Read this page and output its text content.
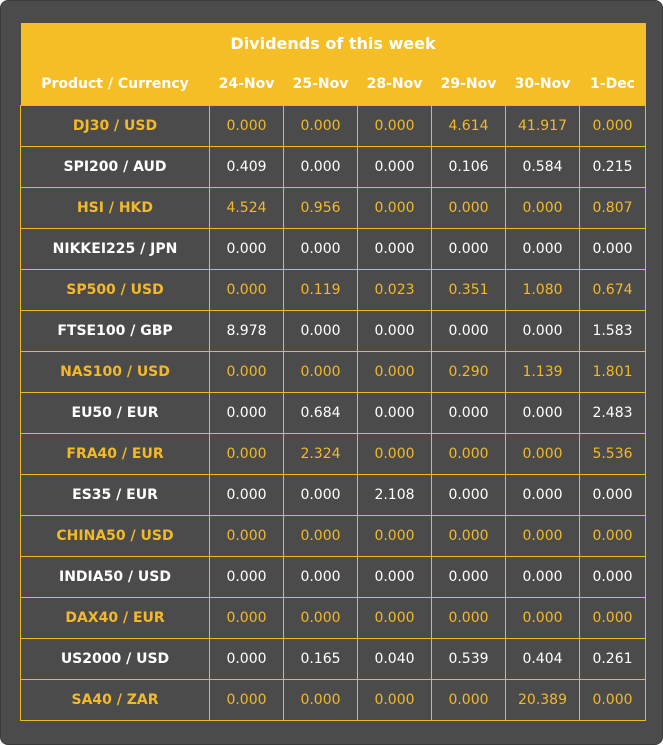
Dividends of this week						
Product / Currency	24-Nov	25-Nov	28-Nov	29-Nov	30-Nov	1-Dec
DJ30 / USD	0.000	0.000	0.000	4.614	41.917	0.000
SPI200 / AUD	0.409	0.000	0.000	0.106	0.584	0.215
HSI / HKD	4.524	0.956	0.000	0.000	0.000	0.807
NIKKEI225 / JPN	0.000	0.000	0.000	0.000	0.000	0.000
SP500 / USD	0.000	0.119	0.023	0.351	1.080	0.674
FTSE100 / GBP	8.978	0.000	0.000	0.000	0.000	1.583
NAS100 / USD	0.000	0.000	0.000	0.290	1.139	1.801
EU50 / EUR	0.000	0.684	0.000	0.000	0.000	2.483
FRA40 / EUR	0.000	2.324	0.000	0.000	0.000	5.536
ES35 / EUR	0.000	0.000	2.108	0.000	0.000	0.000
CHINA50 / USD	0.000	0.000	0.000	0.000	0.000	0.000
INDIA50 / USD	0.000	0.000	0.000	0.000	0.000	0.000
DAX40 / EUR	0.000	0.000	0.000	0.000	0.000	0.000
US2000 / USD	0.000	0.165	0.040	0.539	0.404	0.261
SA40 / ZAR	0.000	0.000	0.000	0.000	20.389	0.000
